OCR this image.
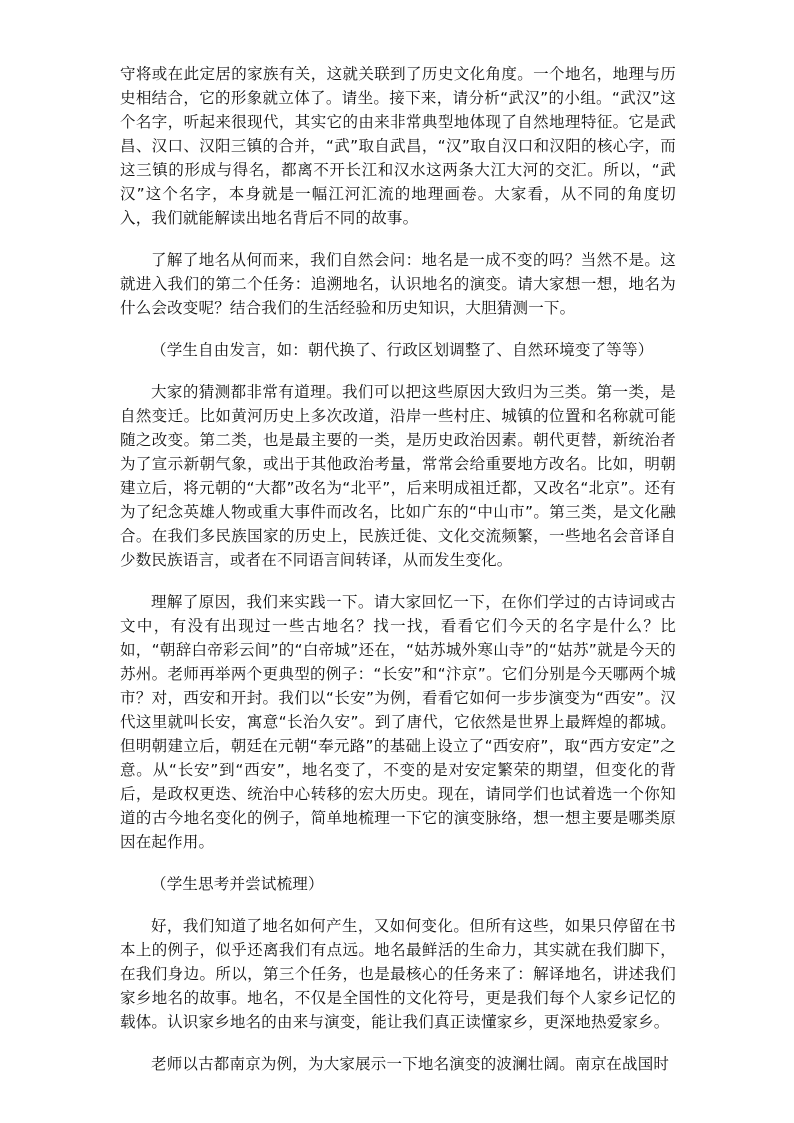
守将或在此定居的家族有关，这就关联到了历史文化角度。一个地名，地理与历史相结合，它的形象就立体了。请坐。接下来，请分析“武汉”的小组。“武汉”这个名字，听起来很现代，其实它的由来非常典型地体现了自然地理特征。它是武昌、汉口、汉阳三镇的合并，“武”取自武昌，“汉”取自汉口和汉阳的核心字，而这三镇的形成与得名，都离不开长江和汉水这两条大江大河的交汇。所以，“武汉”这个名字，本身就是一幅江河汇流的地理画卷。大家看，从不同的角度切入，我们就能解读出地名背后不同的故事。

了解了地名从何而来，我们自然会问：地名是一成不变的吗？当然不是。这就进入我们的第二个任务：追溯地名，认识地名的演变。请大家想一想，地名为什么会改变呢？结合我们的生活经验和历史知识，大胆猜测一下。

（学生自由发言，如：朝代换了、行政区划调整了、自然环境变了等等）

大家的猜测都非常有道理。我们可以把这些原因大致归为三类。第一类，是自然变迁。比如黄河历史上多次改道，沿岸一些村庄、城镇的位置和名称就可能随之改变。第二类，也是最主要的一类，是历史政治因素。朝代更替，新统治者为了宣示新朝气象，或出于其他政治考量，常常会给重要地方改名。比如，明朝建立后，将元朝的“大都”改名为“北平”，后来明成祖迁都，又改名“北京”。还有为了纪念英雄人物或重大事件而改名，比如广东的“中山市”。第三类，是文化融合。在我们多民族国家的历史上，民族迁徙、文化交流频繁，一些地名会音译自少数民族语言，或者在不同语言间转译，从而发生变化。

理解了原因，我们来实践一下。请大家回忆一下，在你们学过的古诗词或古文中，有没有出现过一些古地名？找一找，看看它们今天的名字是什么？比如，“朝辞白帝彩云间”的“白帝城”还在，“姑苏城外寒山寺”的“姑苏”就是今天的苏州。老师再举两个更典型的例子：“长安”和“汴京”。它们分别是今天哪两个城市？对，西安和开封。我们以“长安”为例，看看它如何一步步演变为“西安”。汉代这里就叫长安，寓意“长治久安”。到了唐代，它依然是世界上最辉煌的都城。但明朝建立后，朝廷在元朝“奉元路”的基础上设立了“西安府”，取“西方安定”之意。从“长安”到“西安”，地名变了，不变的是对安定繁荣的期望，但变化的背后，是政权更迭、统治中心转移的宏大历史。现在，请同学们也试着选一个你知道的古今地名变化的例子，简单地梳理一下它的演变脉络，想一想主要是哪类原因在起作用。

（学生思考并尝试梳理）

好，我们知道了地名如何产生，又如何变化。但所有这些，如果只停留在书本上的例子，似乎还离我们有点远。地名最鲜活的生命力，其实就在我们脚下，在我们身边。所以，第三个任务，也是最核心的任务来了：解译地名，讲述我们家乡地名的故事。地名，不仅是全国性的文化符号，更是我们每个人家乡记忆的载体。认识家乡地名的由来与演变，能让我们真正读懂家乡，更深地热爱家乡。

老师以古都南京为例，为大家展示一下地名演变的波澜壮阔。南京在战国时
